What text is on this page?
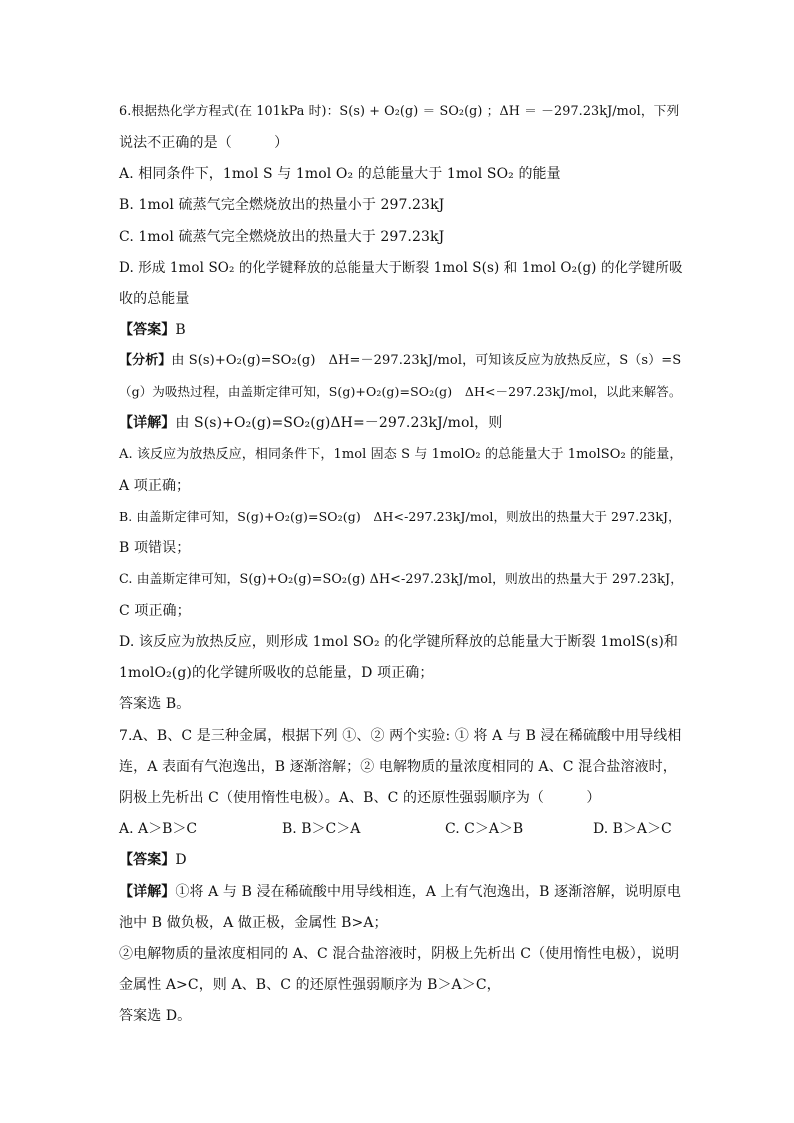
6.根据热化学方程式(在 101kPa 时)：S(s) + O₂(g) ＝ SO₂(g) ；ΔH ＝ －297.23kJ/mol，下列
说法不正确的是（　　　）
A. 相同条件下，1mol S 与 1mol O₂ 的总能量大于 1mol SO₂ 的能量
B. 1mol 硫蒸气完全燃烧放出的热量小于 297.23kJ
C. 1mol 硫蒸气完全燃烧放出的热量大于 297.23kJ
D. 形成 1mol SO₂ 的化学键释放的总能量大于断裂 1mol S(s) 和 1mol O₂(g) 的化学键所吸
收的总能量
【答案】B
【分析】由 S(s)+O₂(g)=SO₂(g)　ΔH=－297.23kJ/mol，可知该反应为放热反应，S（s）=S
（g）为吸热过程，由盖斯定律可知，S(g)+O₂(g)=SO₂(g)　ΔH<－297.23kJ/mol，以此来解答。
【详解】由 S(s)+O₂(g)=SO₂(g)ΔH=－297.23kJ/mol，则
A. 该反应为放热反应，相同条件下，1mol 固态 S 与 1molO₂ 的总能量大于 1molSO₂ 的能量，
A 项正确；
B. 由盖斯定律可知，S(g)+O₂(g)=SO₂(g)　ΔH<-297.23kJ/mol，则放出的热量大于 297.23kJ，
B 项错误；
C. 由盖斯定律可知，S(g)+O₂(g)=SO₂(g) ΔH<-297.23kJ/mol，则放出的热量大于 297.23kJ，
C 项正确；
D. 该反应为放热反应，则形成 1mol SO₂ 的化学键所释放的总能量大于断裂 1molS(s)和
1molO₂(g)的化学键所吸收的总能量，D 项正确；
答案选 B。
7.A、B、C 是三种金属，根据下列 ①、② 两个实验: ① 将 A 与 B 浸在稀硫酸中用导线相
连，A 表面有气泡逸出，B 逐渐溶解；② 电解物质的量浓度相同的 A、C 混合盐溶液时，
阴极上先析出 C（使用惰性电极）。A、B、C 的还原性强弱顺序为（　　　）
A. A＞B＞C	B. B＞C＞A	C. C＞A＞B	D. B＞A＞C
【答案】D
【详解】①将 A 与 B 浸在稀硫酸中用导线相连，A 上有气泡逸出，B 逐渐溶解，说明原电
池中 B 做负极，A 做正极，金属性 B>A；
②电解物质的量浓度相同的 A、C 混合盐溶液时，阴极上先析出 C（使用惰性电极），说明
金属性 A>C，则 A、B、C 的还原性强弱顺序为 B＞A＞C，
答案选 D。
